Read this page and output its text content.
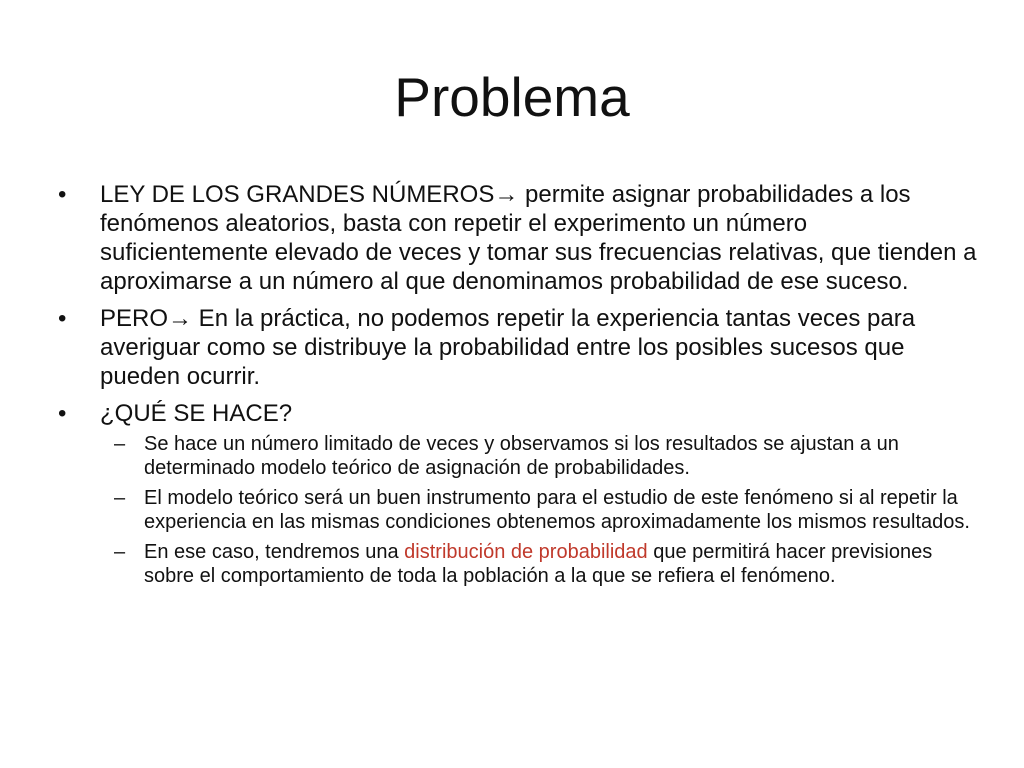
Problema

•	LEY DE LOS GRANDES NÚMEROS→ permite asignar probabilidades a los fenómenos aleatorios, basta con repetir el experimento un número suficientemente elevado de veces y tomar sus frecuencias relativas, que tienden a aproximarse a un número al que denominamos probabilidad de ese suceso.

•	PERO→ En la práctica, no podemos repetir la experiencia tantas veces para averiguar como se distribuye la probabilidad entre los posibles sucesos que pueden ocurrir.

•	¿QUÉ SE HACE?

– Se hace un número limitado de veces y observamos si los resultados se ajustan a un determinado modelo teórico de asignación de probabilidades.

– El modelo teórico será un buen instrumento para el estudio de este fenómeno si al repetir la experiencia en las mismas condiciones obtenemos aproximadamente los mismos resultados.

– En ese caso, tendremos una distribución de probabilidad que permitirá hacer previsiones sobre el comportamiento de toda la población a la que se refiera el fenómeno.
